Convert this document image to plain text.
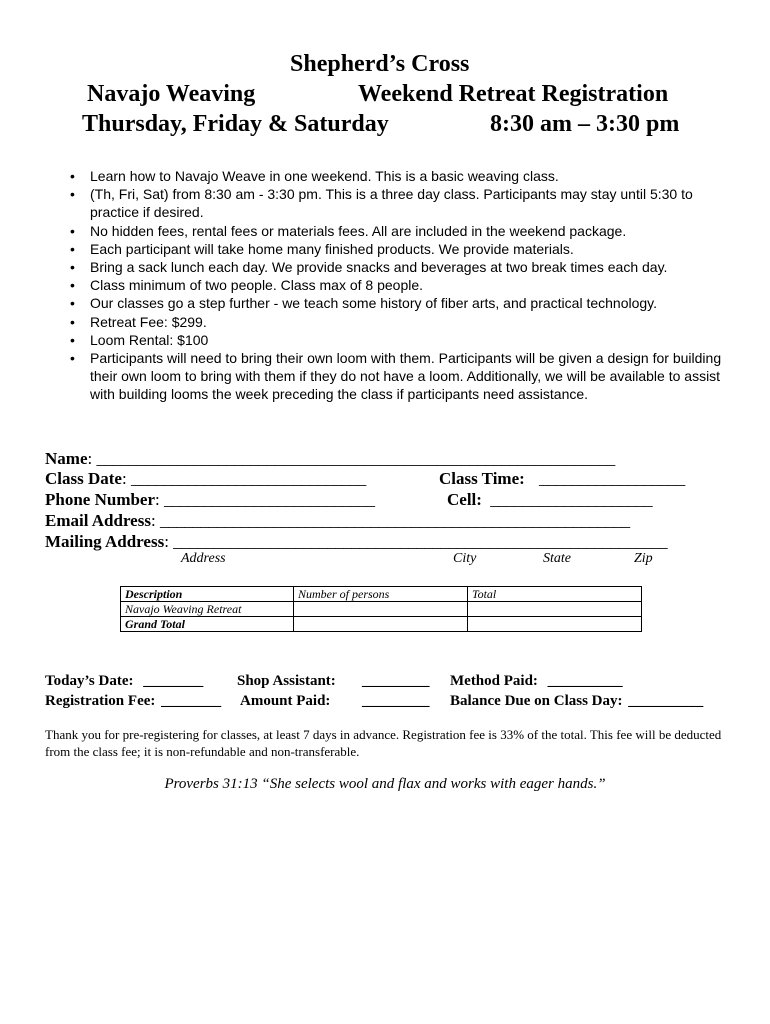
Shepherd’s Cross
Navajo Weaving	Weekend Retreat Registration
Thursday, Friday & Saturday	8:30 am – 3:30 pm

• Learn how to Navajo Weave in one weekend. This is a basic weaving class.

• (Th, Fri, Sat) from 8:30 am - 3:30 pm. This is a three day class. Participants may stay until 5:30 to practice if desired.

• No hidden fees, rental fees or materials fees. All are included in the weekend package.

• Each participant will take home many finished products. We provide materials.

• Bring a sack lunch each day. We provide snacks and beverages at two break times each day.

• Class minimum of two people. Class max of 8 people.

• Our classes go a step further - we teach some history of fiber arts, and practical technology.

• Retreat Fee: $299.

• Loom Rental: $100

• Participants will need to bring their own loom with them. Participants will be given a design for building their own loom to bring with them if they do not have a loom. Additionally, we will be available to assist with building looms the week preceding the class if participants need assistance.

Name: ________________________________________________________________
Class Date: _____________________________	Class Time: __________________
Phone Number: __________________________	Cell: ____________________
Email Address: __________________________________________________________
Mailing Address: _____________________________________________________________
Address	City	State	Zip
Description	Number of persons	Total
Navajo Weaving Retreat		
Grand Total		
Today’s Date: ________ Shop Assistant: _________ Method Paid: __________
Registration Fee: ________ Amount Paid: _________ Balance Due on Class Day: __________
Thank you for pre-registering for classes, at least 7 days in advance. Registration fee is 33% of the total. This fee will be deducted from the class fee; it is non-refundable and non-transferable.
Proverbs 31:13 “She selects wool and flax and works with eager hands.”
